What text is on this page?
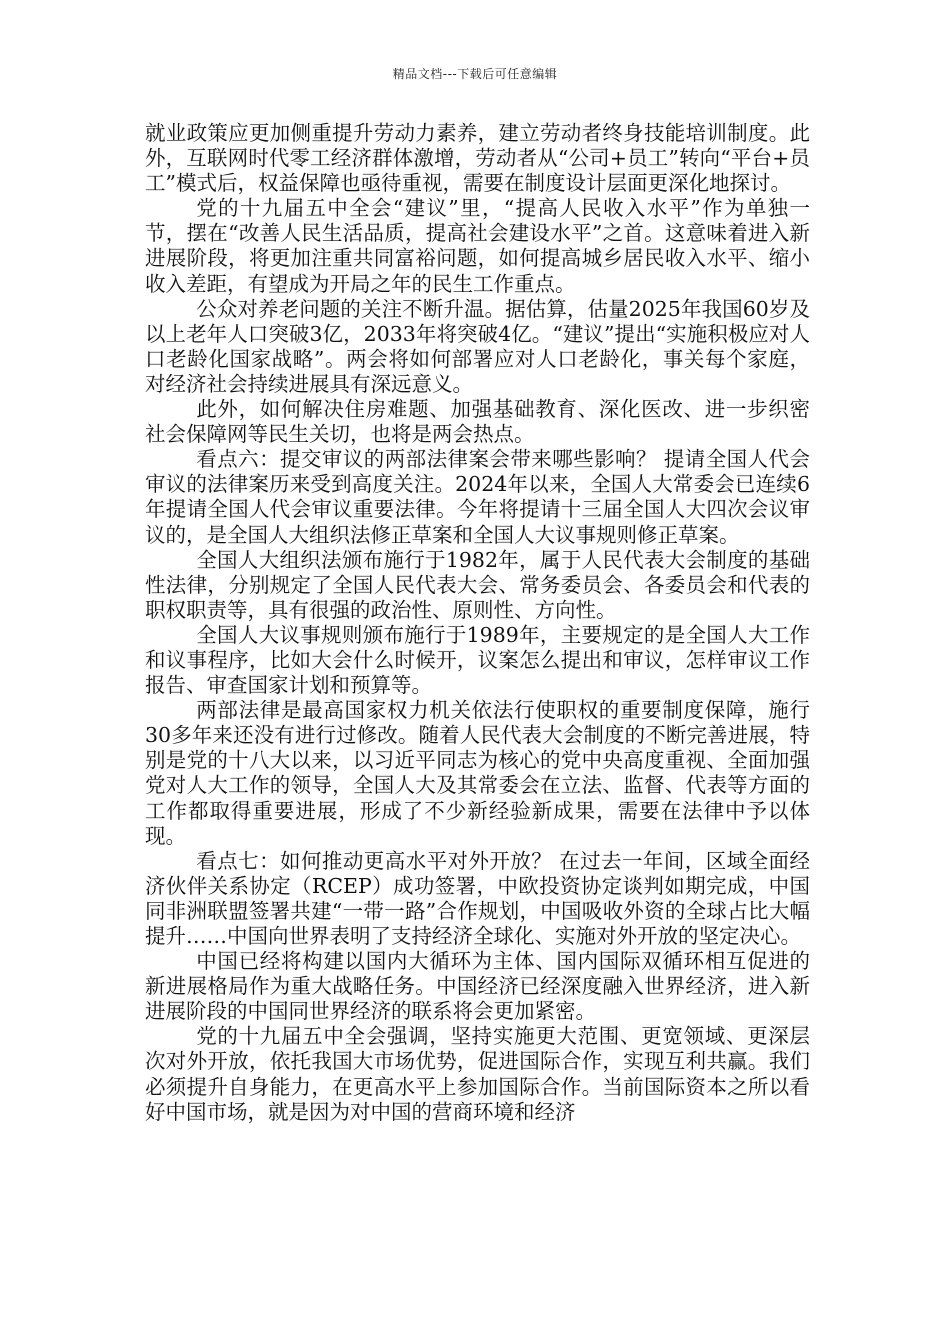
精品文档---下载后可任意编辑

就业政策应更加侧重提升劳动力素养，建立劳动者终身技能培训制度。此外，互联网时代零工经济群体激增，劳动者从“公司+员工”转向“平台+员工”模式后，权益保障也亟待重视，需要在制度设计层面更深化地探讨。

党的十九届五中全会“建议”里，“提高人民收入水平”作为单独一节，摆在“改善人民生活品质，提高社会建设水平”之首。这意味着进入新进展阶段，将更加注重共同富裕问题，如何提高城乡居民收入水平、缩小收入差距，有望成为开局之年的民生工作重点。

公众对养老问题的关注不断升温。据估算，估量2025年我国60岁及以上老年人口突破3亿，2033年将突破4亿。“建议”提出“实施积极应对人口老龄化国家战略”。两会将如何部署应对人口老龄化，事关每个家庭，对经济社会持续进展具有深远意义。

此外，如何解决住房难题、加强基础教育、深化医改、进一步织密社会保障网等民生关切，也将是两会热点。

看点六：提交审议的两部法律案会带来哪些影响？ 提请全国人代会审议的法律案历来受到高度关注。2024年以来，全国人大常委会已连续6年提请全国人代会审议重要法律。今年将提请十三届全国人大四次会议审议的，是全国人大组织法修正草案和全国人大议事规则修正草案。

全国人大组织法颁布施行于1982年，属于人民代表大会制度的基础性法律，分别规定了全国人民代表大会、常务委员会、各委员会和代表的职权职责等，具有很强的政治性、原则性、方向性。

全国人大议事规则颁布施行于1989年，主要规定的是全国人大工作和议事程序，比如大会什么时候开，议案怎么提出和审议，怎样审议工作报告、审查国家计划和预算等。

两部法律是最高国家权力机关依法行使职权的重要制度保障，施行30多年来还没有进行过修改。随着人民代表大会制度的不断完善进展，特别是党的十八大以来，以习近平同志为核心的党中央高度重视、全面加强党对人大工作的领导，全国人大及其常委会在立法、监督、代表等方面的工作都取得重要进展，形成了不少新经验新成果，需要在法律中予以体现。

看点七：如何推动更高水平对外开放？ 在过去一年间，区域全面经济伙伴关系协定（RCEP）成功签署，中欧投资协定谈判如期完成，中国同非洲联盟签署共建“一带一路”合作规划，中国吸收外资的全球占比大幅提升……中国向世界表明了支持经济全球化、实施对外开放的坚定决心。

中国已经将构建以国内大循环为主体、国内国际双循环相互促进的新进展格局作为重大战略任务。中国经济已经深度融入世界经济，进入新进展阶段的中国同世界经济的联系将会更加紧密。

党的十九届五中全会强调，坚持实施更大范围、更宽领域、更深层次对外开放，依托我国大市场优势，促进国际合作，实现互利共赢。我们必须提升自身能力，在更高水平上参加国际合作。当前国际资本之所以看好中国市场，就是因为对中国的营商环境和经济
